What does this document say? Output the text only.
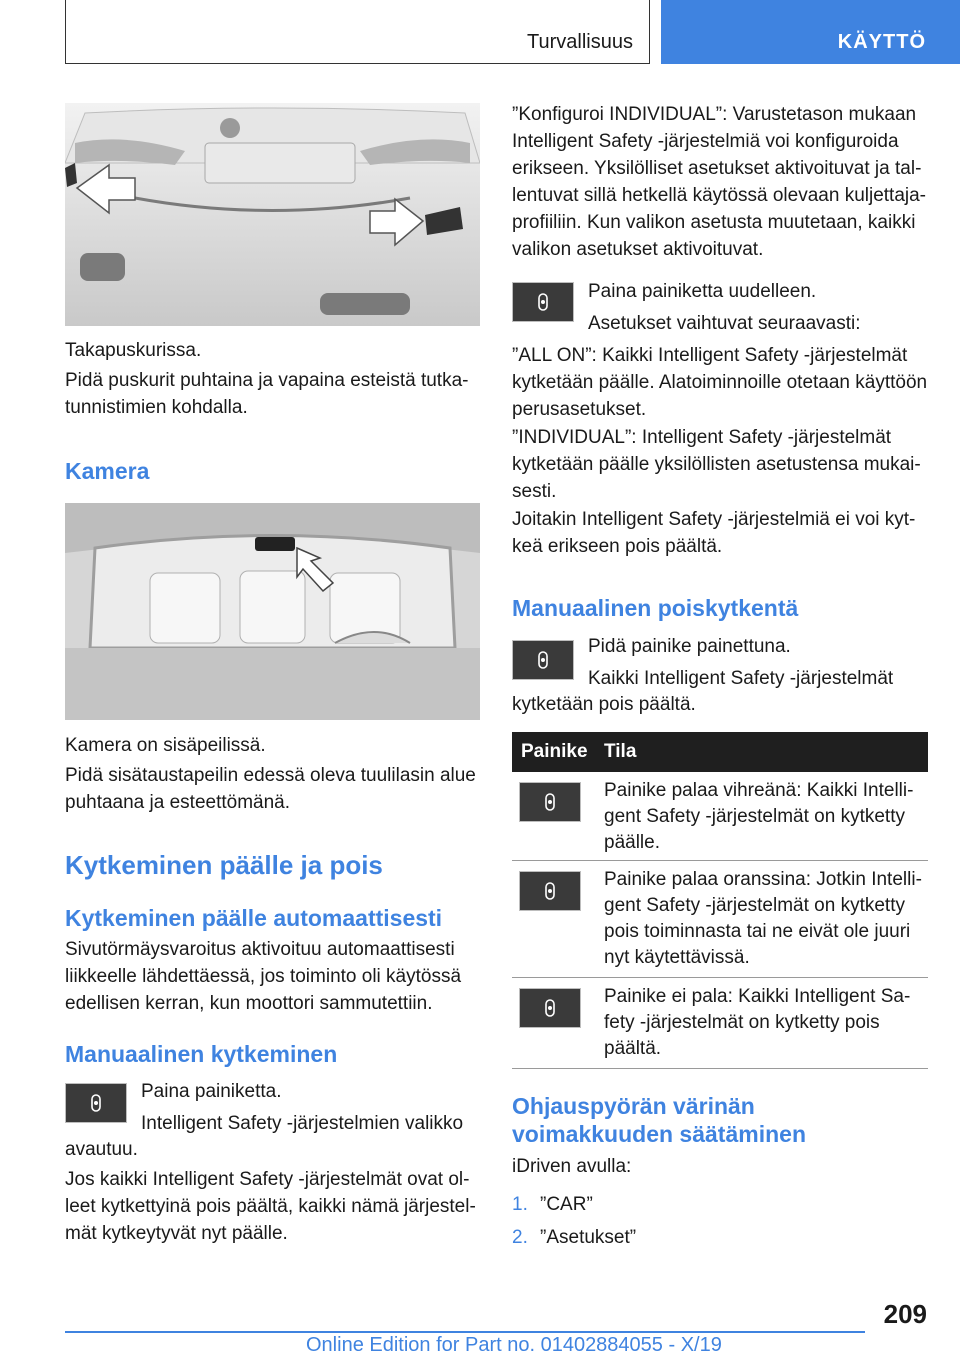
Turvallisuus	KÄYTTÖ
Takapuskurissa.
Pidä puskurit puhtaina ja vapaina esteistä tutka-
tunnistimien kohdalla.
Kamera
Kamera on sisäpeilissä.
Pidä sisätaustapeilin edessä oleva tuulilasin alue
puhtaana ja esteettömänä.
Kytkeminen päälle ja pois
Kytkeminen päälle automaattisesti
Sivutörmäysvaroitus aktivoituu automaattisesti
liikkeelle lähdettäessä, jos toiminto oli käytössä
edellisen kerran, kun moottori sammutettiin.
Manuaalinen kytkeminen
Paina painiketta.
Intelligent Safety -järjestelmien valikko
avautuu.
Jos kaikki Intelligent Safety -järjestelmät ovat ol-
leet kytkettyinä pois päältä, kaikki nämä järjestel-
mät kytkeytyvät nyt päälle.
”Konfiguroi INDIVIDUAL”: Varustetason mukaan
Intelligent Safety -järjestelmiä voi konfiguroida
erikseen. Yksilölliset asetukset aktivoituvat ja tal-
lentuvat sillä hetkellä käytössä olevaan kuljettaja-
profiiliin. Kun valikon asetusta muutetaan, kaikki
valikon asetukset aktivoituvat.
Paina painiketta uudelleen.
Asetukset vaihtuvat seuraavasti:
”ALL ON”: Kaikki Intelligent Safety -järjestelmät
kytketään päälle. Alatoiminnoille otetaan käyttöön
perusasetukset.
”INDIVIDUAL”: Intelligent Safety -järjestelmät
kytketään päälle yksilöllisten asetustensa mukai-
sesti.
Joitakin Intelligent Safety -järjestelmiä ei voi kyt-
keä erikseen pois päältä.
Manuaalinen poiskytkentä
Pidä painike painettuna.
Kaikki Intelligent Safety -järjestelmät
kytketään pois päältä.
Painike Tila
Painike palaa vihreänä: Kaikki Intelli-
gent Safety -järjestelmät on kytketty
päälle.
Painike palaa oranssina: Jotkin Intelli-
gent Safety -järjestelmät on kytketty
pois toiminnasta tai ne eivät ole juuri
nyt käytettävissä.
Painike ei pala: Kaikki Intelligent Sa-
fety -järjestelmät on kytketty pois
päältä.
Ohjauspyörän värinän
voimakkuuden säätäminen
iDriven avulla:
1. ”CAR”
2. ”Asetukset”
209
Online Edition for Part no. 01402884055 - X/19
